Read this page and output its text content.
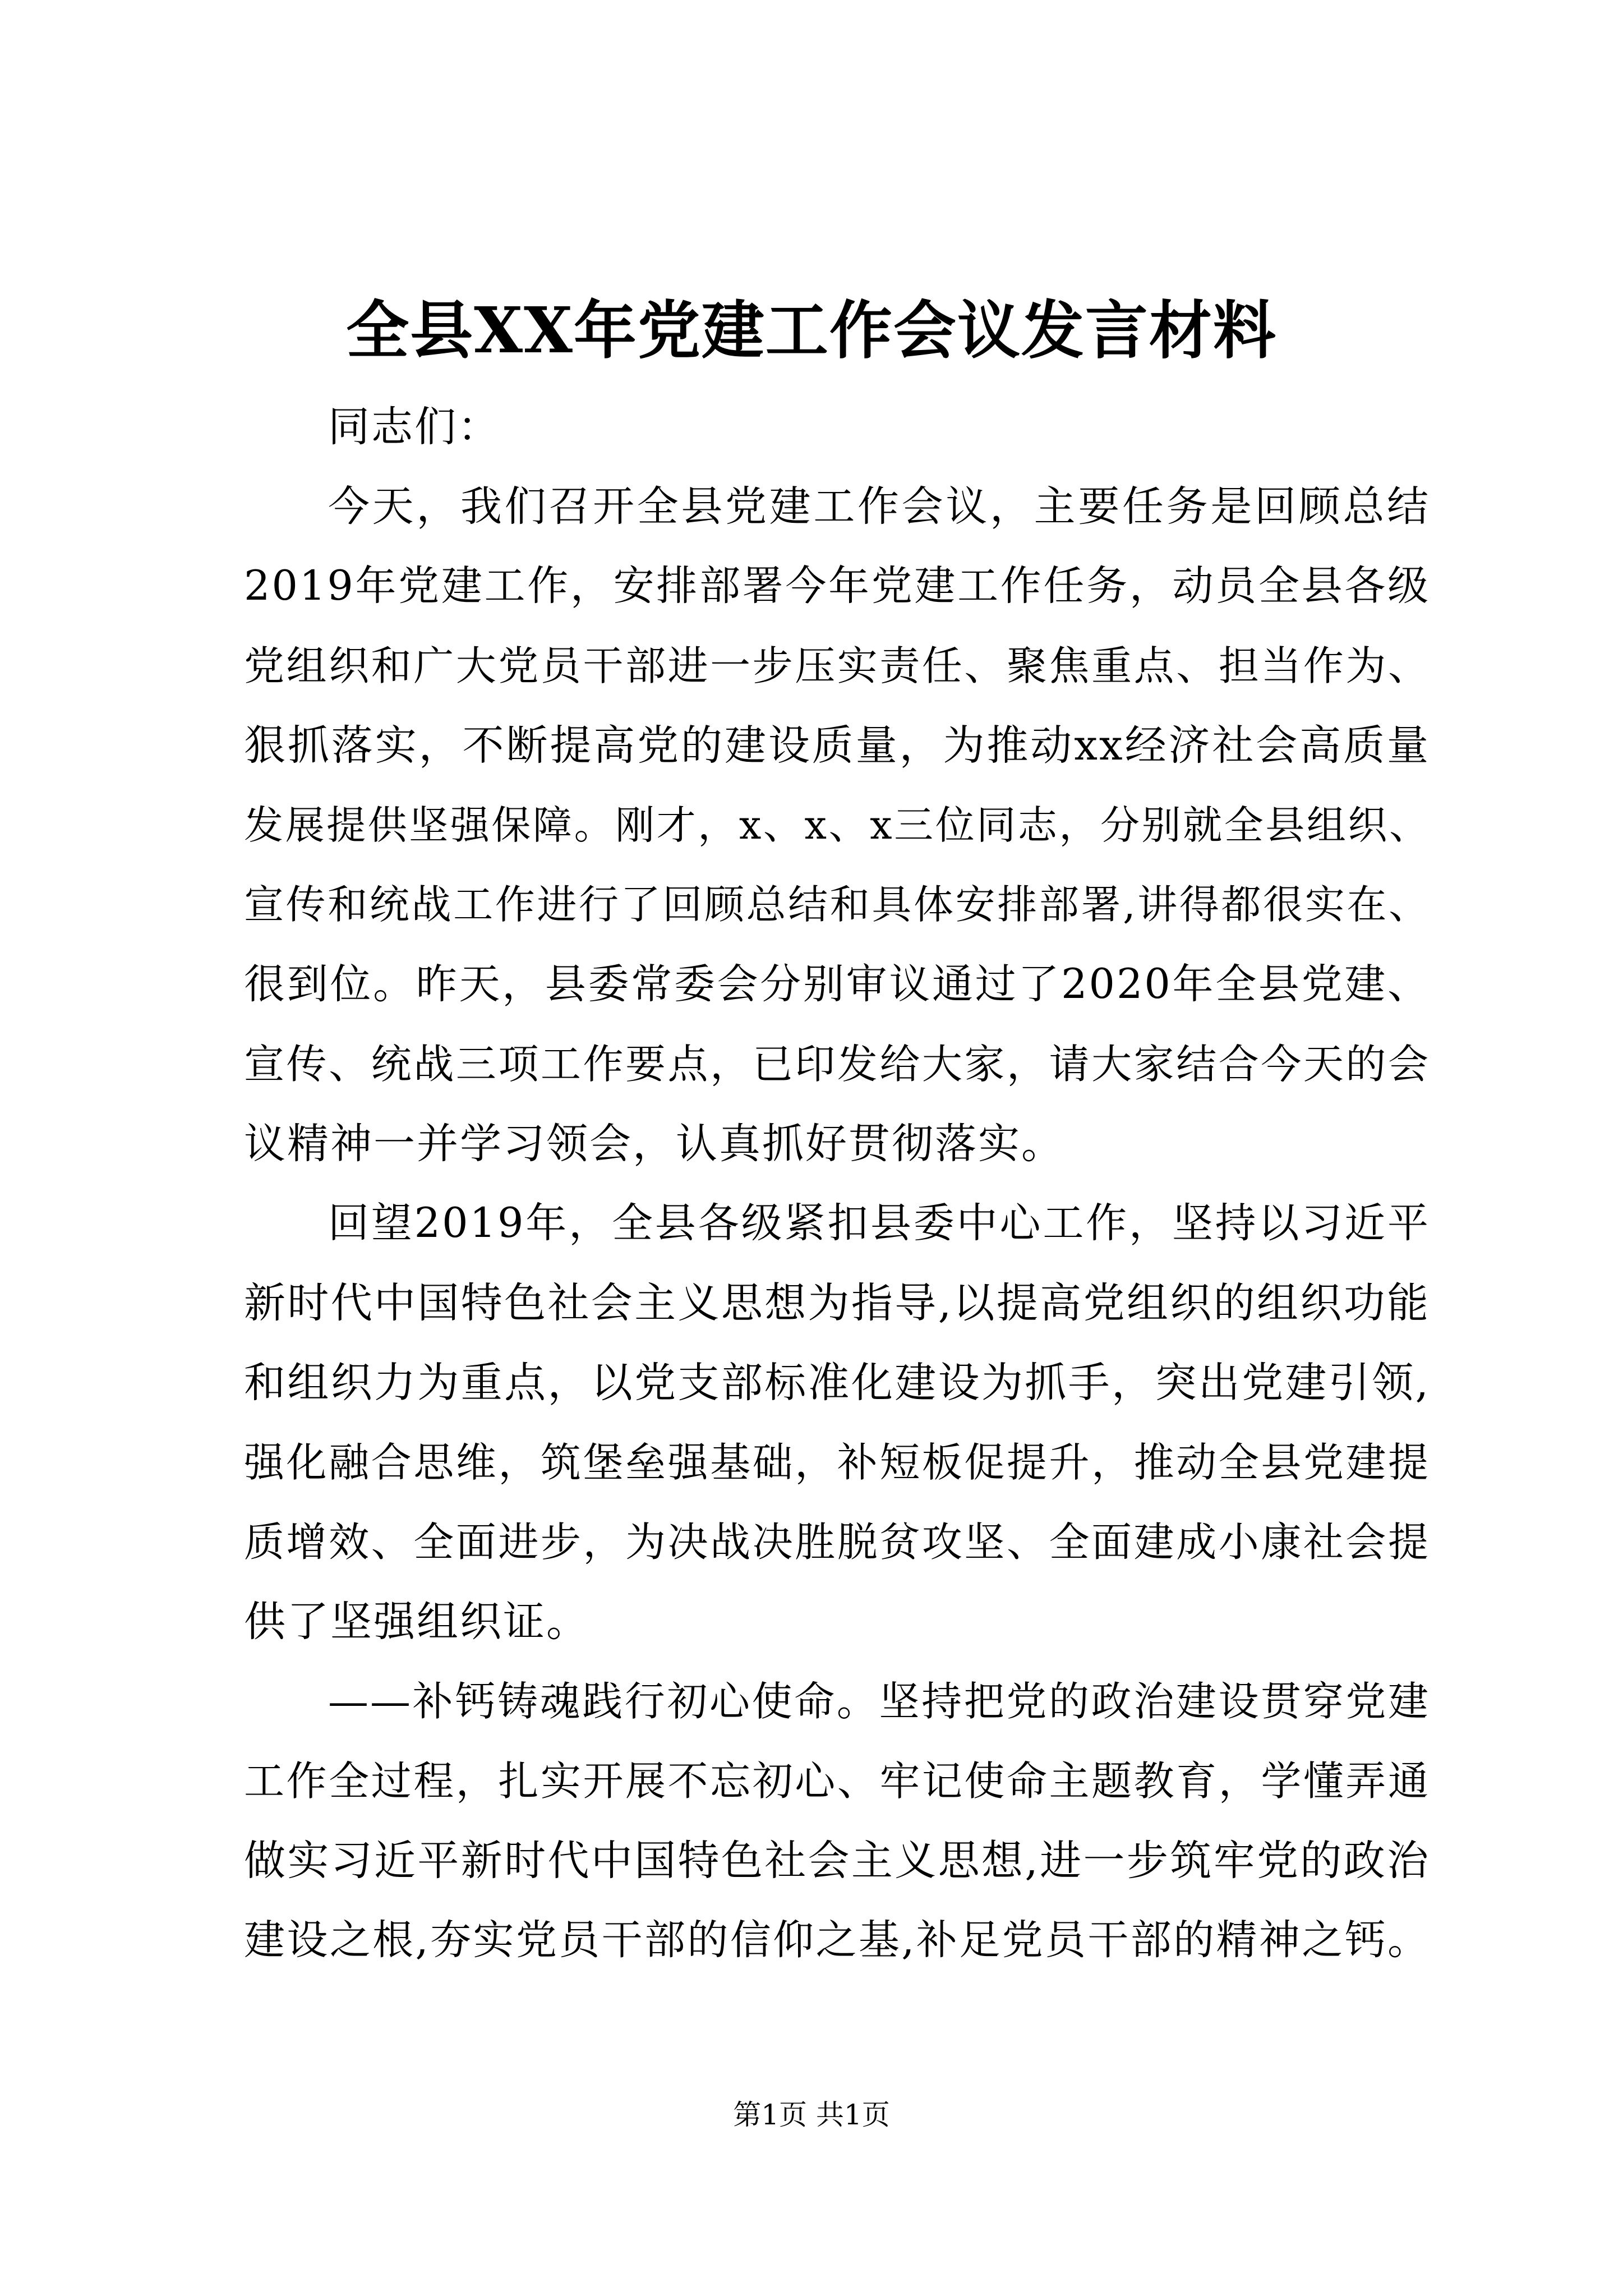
全县XX年党建工作会议发言材料
同志们：
今天，我们召开全县党建工作会议，主要任务是回顾总结
2019年党建工作，安排部署今年党建工作任务，动员全县各级
党组织和广大党员干部进一步压实责任、聚焦重点、担当作为、
狠抓落实，不断提高党的建设质量，为推动xx经济社会高质量
发展提供坚强保障。刚才，x、x、x三位同志，分别就全县组织、
宣传和统战工作进行了回顾总结和具体安排部署,讲得都很实在、
很到位。昨天，县委常委会分别审议通过了2020年全县党建、
宣传、统战三项工作要点，已印发给大家，请大家结合今天的会
议精神一并学习领会，认真抓好贯彻落实。
回望2019年，全县各级紧扣县委中心工作，坚持以习近平
新时代中国特色社会主义思想为指导,以提高党组织的组织功能
和组织力为重点，以党支部标准化建设为抓手，突出党建引领,
强化融合思维，筑堡垒强基础，补短板促提升，推动全县党建提
质增效、全面进步，为决战决胜脱贫攻坚、全面建成小康社会提
供了坚强组织证。
——补钙铸魂践行初心使命。坚持把党的政治建设贯穿党建
工作全过程，扎实开展不忘初心、牢记使命主题教育，学懂弄通
做实习近平新时代中国特色社会主义思想,进一步筑牢党的政治
建设之根,夯实党员干部的信仰之基,补足党员干部的精神之钙。
第1页 共1页
